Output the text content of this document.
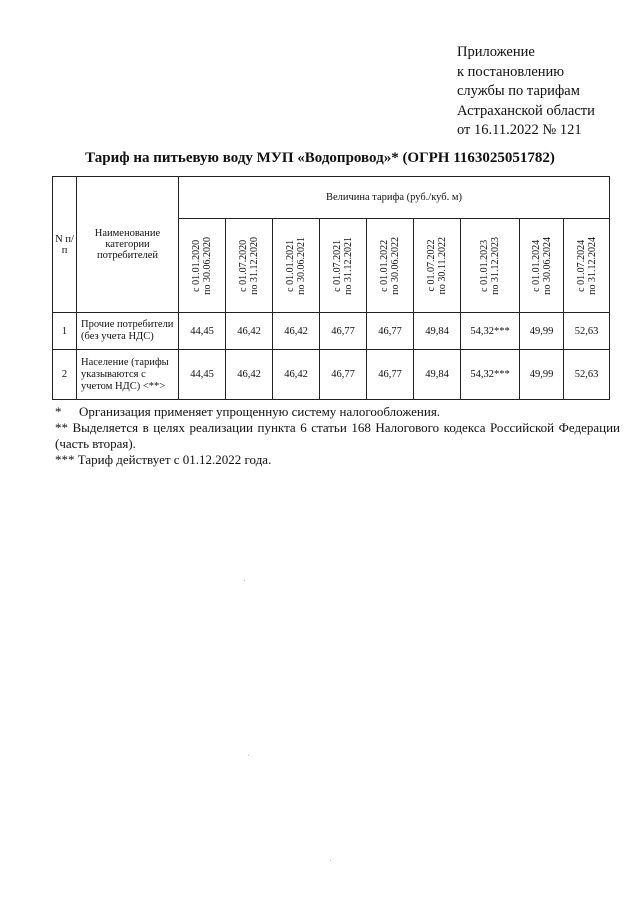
Приложение
к постановлению
службы по тарифам
Астраханской области
от 16.11.2022 № 121
Тариф на питьевую воду МУП «Водопровод»* (ОГРН 1163025051782)
N п/п	Наименование категории потребителей	Величина тарифа (руб./куб. м)								

		с 01.01.2020
по 30.06.2020	с 01.07.2020
по 31.12.2020	с 01.01.2021
по 30.06.2021	с 01.07.2021
по 31.12.2021	с 01.01.2022
по 30.06.2022	с 01.07.2022
по 30.11.2022	с 01.01.2023
по 31.12.2023	с 01.01.2024
по 30.06.2024	с 01.07.2024
по 31.12.2024

1	Прочие потребители (без учета НДС)	44,45	46,42	46,42	46,77	46,77	49,84	54,32***	49,99	52,63
2	Население (тарифы указываются с учетом НДС) <**>	44,45	46,42	46,42	46,77	46,77	49,84	54,32***	49,99	52,63
*	Организация применяет упрощенную систему налогообложения.
** Выделяется в целях реализации пункта 6 статьи 168 Налогового кодекса Российской Федерации (часть вторая).
*** Тариф действует с 01.12.2022 года.
